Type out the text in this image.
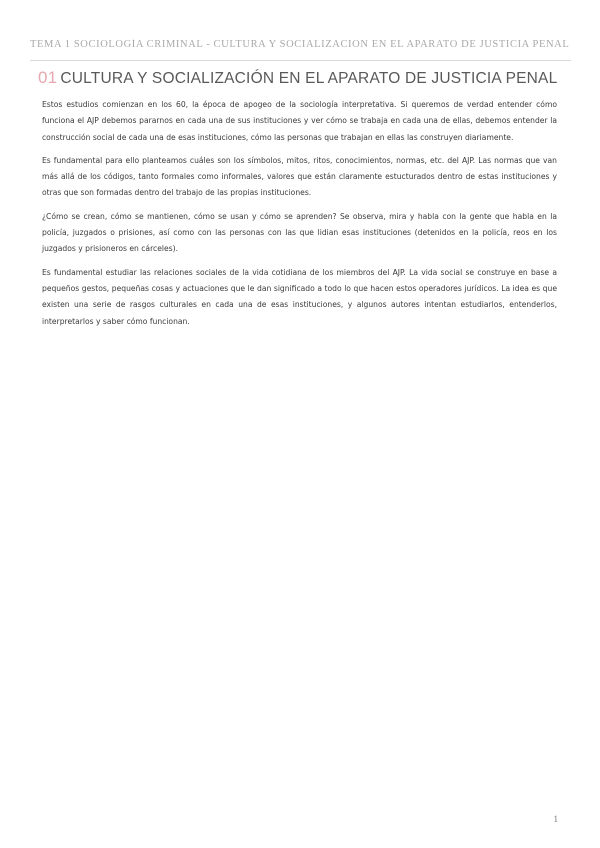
TEMA 1 SOCIOLOGÍA CRIMINAL - CULTURA Y SOCIALIZACIÓN EN EL APARATO DE JUSTICIA PENAL
01 CULTURA Y SOCIALIZACIÓN EN EL APARATO DE JUSTICIA PENAL

Estos estudios comienzan en los 60, la época de apogeo de la sociología interpretativa. Si queremos de verdad entender cómo funciona el AJP debemos pararnos en cada una de sus instituciones y ver cómo se trabaja en cada una de ellas, debemos entender la construcción social de cada una de esas instituciones, cómo las personas que trabajan en ellas las construyen diariamente.

Es fundamental para ello planteamos cuáles son los símbolos, mitos, ritos, conocimientos, normas, etc. del AJP. Las normas que van más allá de los códigos, tanto formales como informales, valores que están claramente estucturados dentro de estas instituciones y otras que son formadas dentro del trabajo de las propias instituciones.

¿Cómo se crean, cómo se mantienen, cómo se usan y cómo se aprenden? Se observa, mira y habla con la gente que habla en la policía, juzgados o prisiones, así como con las personas con las que lidian esas instituciones (detenidos en la policía, reos en los juzgados y prisioneros en cárceles).

Es fundamental estudiar las relaciones sociales de la vida cotidiana de los miembros del AJP. La vida social se construye en base a pequeños gestos, pequeñas cosas y actuaciones que le dan significado a todo lo que hacen estos operadores jurídicos. La idea es que existen una serie de rasgos culturales en cada una de esas instituciones, y algunos autores intentan estudiarlos, entenderlos, interpretarlos y saber cómo funcionan.

1
